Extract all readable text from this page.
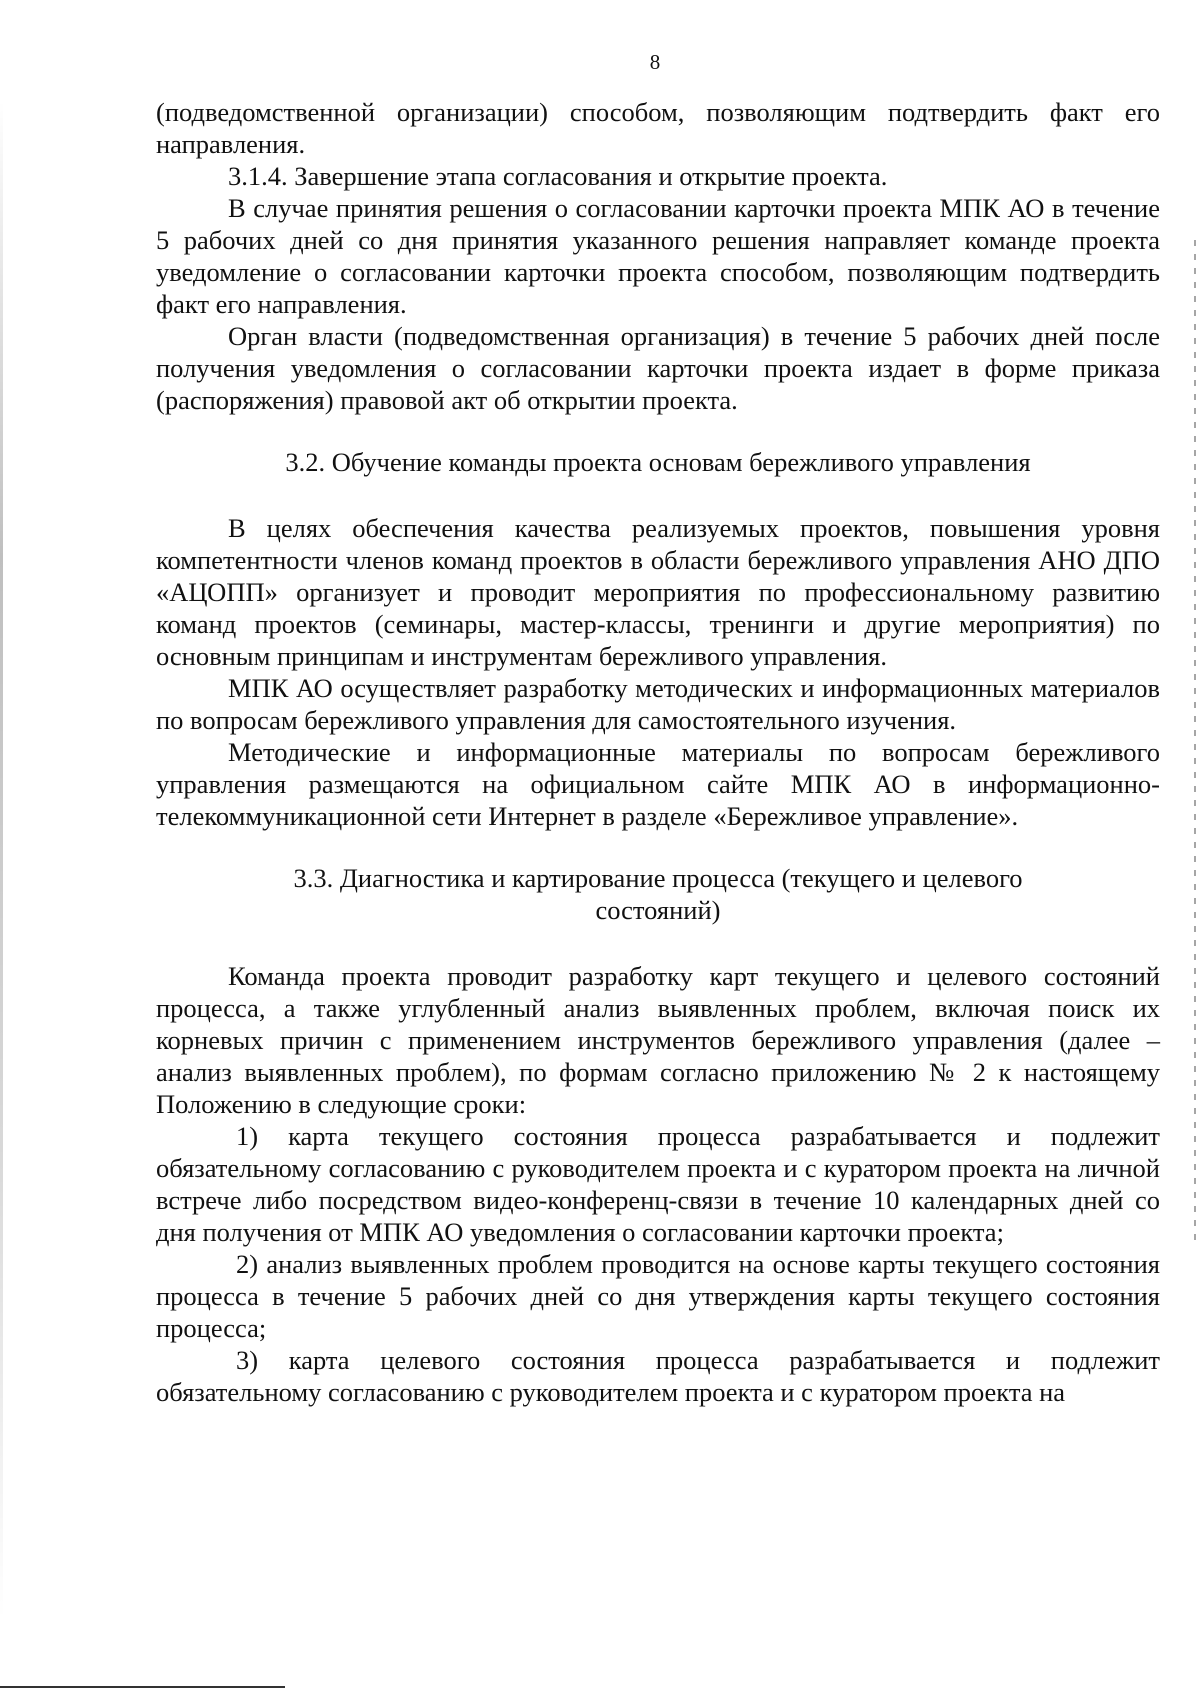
8

(подведомственной организации) способом, позволяющим подтвердить факт его направления.

3.1.4. Завершение этапа согласования и открытие проекта.

В случае принятия решения о согласовании карточки проекта МПК АО в течение 5 рабочих дней со дня принятия указанного решения направляет команде проекта уведомление о согласовании карточки проекта способом, позволяющим подтвердить факт его направления.

Орган власти (подведомственная организация) в течение 5 рабочих дней после получения уведомления о согласовании карточки проекта издает в форме приказа (распоряжения) правовой акт об открытии проекта.

3.2. Обучение команды проекта основам бережливого управления

В целях обеспечения качества реализуемых проектов, повышения уровня компетентности членов команд проектов в области бережливого управления АНО ДПО «АЦОПП» организует и проводит мероприятия по профессиональному развитию команд проектов (семинары, мастер-классы, тренинги и другие мероприятия) по основным принципам и инструментам бережливого управления.

МПК АО осуществляет разработку методических и информационных материалов по вопросам бережливого управления для самостоятельного изучения.

Методические и информационные материалы по вопросам бережливого управления размещаются на официальном сайте МПК АО в информационно-телекоммуникационной сети Интернет в разделе «Бережливое управление».

3.3. Диагностика и картирование процесса (текущего и целевого

состояний)

Команда проекта проводит разработку карт текущего и целевого состояний процесса, а также углубленный анализ выявленных проблем, включая поиск их корневых причин с применением инструментов бережливого управления (далее – анализ выявленных проблем), по формам согласно приложению № 2 к настоящему Положению в следующие сроки:

1) карта текущего состояния процесса разрабатывается и подлежит обязательному согласованию с руководителем проекта и с куратором проекта на личной встрече либо посредством видео-конференц-связи в течение 10 календарных дней со дня получения от МПК АО уведомления о согласовании карточки проекта;

2) анализ выявленных проблем проводится на основе карты текущего состояния процесса в течение 5 рабочих дней со дня утверждения карты текущего состояния процесса;

3) карта целевого состояния процесса разрабатывается и подлежит обязательному согласованию с руководителем проекта и с куратором проекта на
